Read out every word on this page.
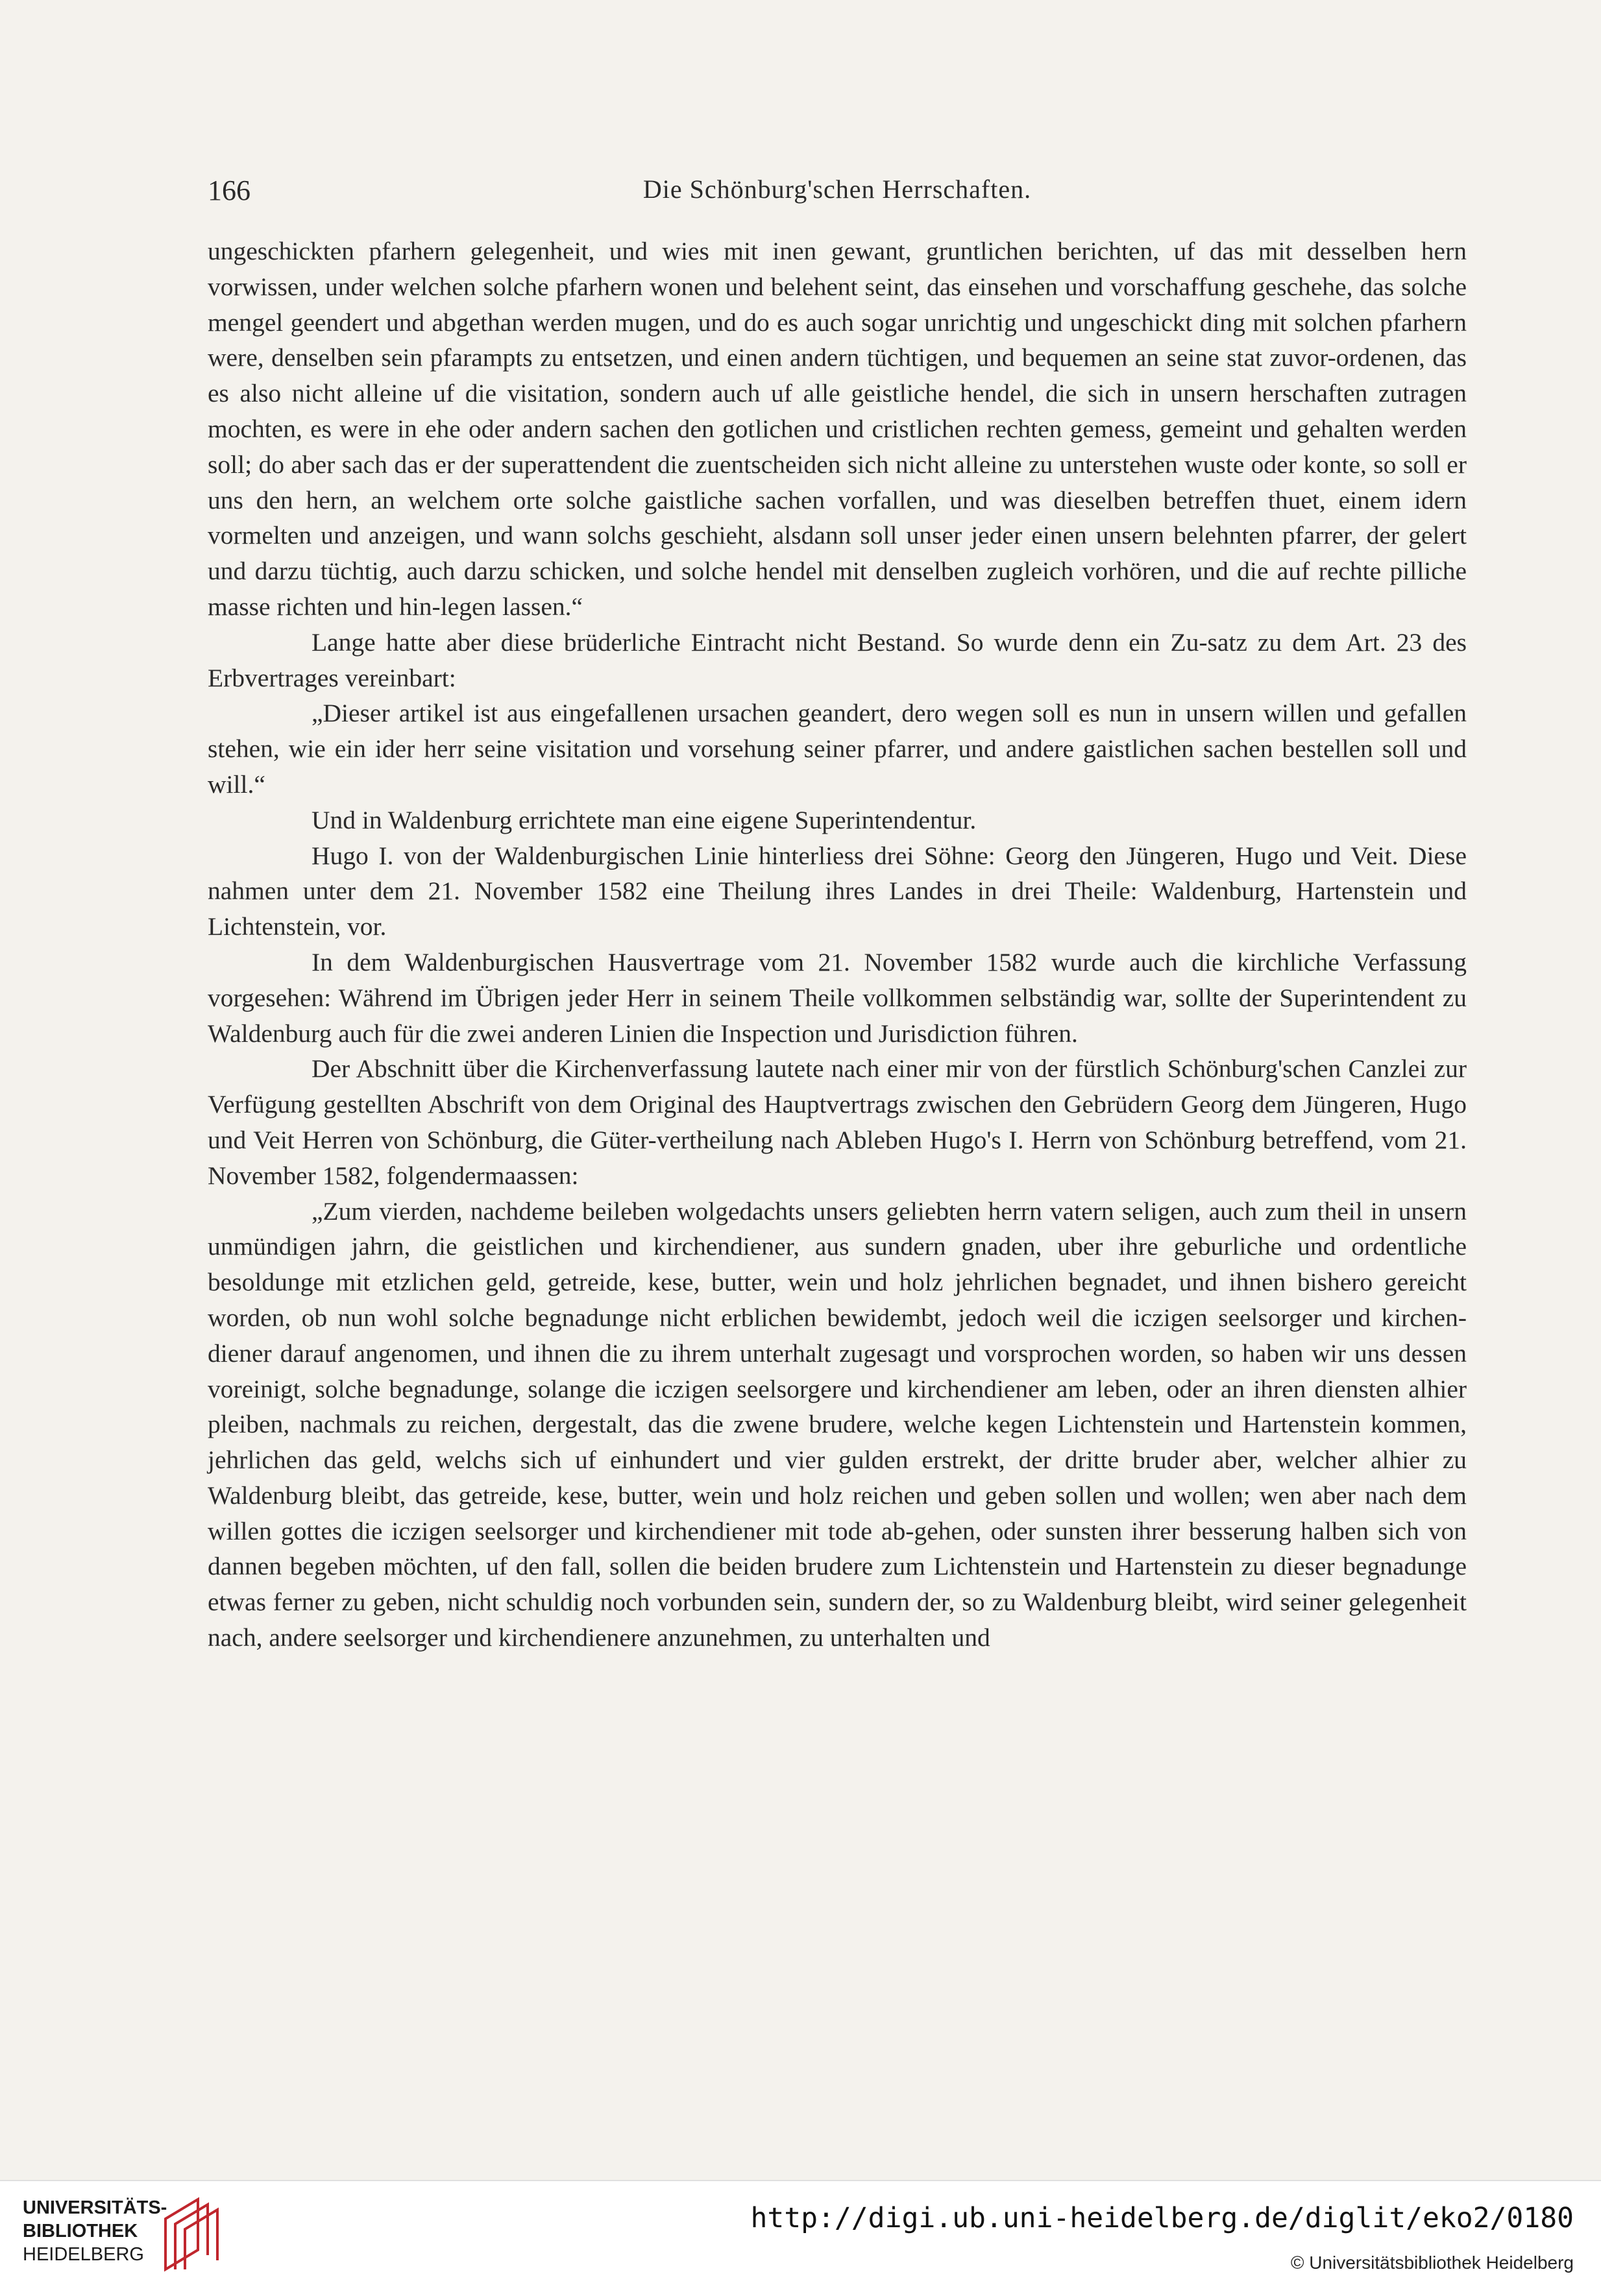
166	Die Schönburg'schen Herrschaften.

ungeschickten pfarhern gelegenheit, und wies mit inen gewant, gruntlichen berichten, uf das mit desselben hern vorwissen, under welchen solche pfarhern wonen und belehent seint, das einsehen und vorschaffung geschehe, das solche mengel geendert und abgethan werden mugen, und do es auch sogar unrichtig und ungeschickt ding mit solchen pfarhern were, denselben sein pfarampts zu entsetzen, und einen andern tüchtigen, und bequemen an seine stat zuvor-ordenen, das es also nicht alleine uf die visitation, sondern auch uf alle geistliche hendel, die sich in unsern herschaften zutragen mochten, es were in ehe oder andern sachen den gotlichen und cristlichen rechten gemess, gemeint und gehalten werden soll; do aber sach das er der superattendent die zuentscheiden sich nicht alleine zu unterstehen wuste oder konte, so soll er uns den hern, an welchem orte solche gaistliche sachen vorfallen, und was dieselben betreffen thuet, einem idern vormelten und anzeigen, und wann solchs geschieht, alsdann soll unser jeder einen unsern belehnten pfarrer, der gelert und darzu tüchtig, auch darzu schicken, und solche hendel mit denselben zugleich vorhören, und die auf rechte pilliche masse richten und hin-legen lassen.“

Lange hatte aber diese brüderliche Eintracht nicht Bestand. So wurde denn ein Zu-satz zu dem Art. 23 des Erbvertrages vereinbart:

„Dieser artikel ist aus eingefallenen ursachen geandert, dero wegen soll es nun in unsern willen und gefallen stehen, wie ein ider herr seine visitation und vorsehung seiner pfarrer, und andere gaistlichen sachen bestellen soll und will.“

Und in Waldenburg errichtete man eine eigene Superintendentur.

Hugo I. von der Waldenburgischen Linie hinterliess drei Söhne: Georg den Jüngeren, Hugo und Veit. Diese nahmen unter dem 21. November 1582 eine Theilung ihres Landes in drei Theile: Waldenburg, Hartenstein und Lichtenstein, vor.

In dem Waldenburgischen Hausvertrage vom 21. November 1582 wurde auch die kirchliche Verfassung vorgesehen: Während im Übrigen jeder Herr in seinem Theile vollkommen selbständig war, sollte der Superintendent zu Waldenburg auch für die zwei anderen Linien die Inspection und Jurisdiction führen.

Der Abschnitt über die Kirchenverfassung lautete nach einer mir von der fürstlich Schönburg'schen Canzlei zur Verfügung gestellten Abschrift von dem Original des Hauptvertrags zwischen den Gebrüdern Georg dem Jüngeren, Hugo und Veit Herren von Schönburg, die Güter-vertheilung nach Ableben Hugo's I. Herrn von Schönburg betreffend, vom 21. November 1582, folgendermaassen:

„Zum vierden, nachdeme beileben wolgedachts unsers geliebten herrn vatern seligen, auch zum theil in unsern unmündigen jahrn, die geistlichen und kirchendiener, aus sundern gnaden, uber ihre geburliche und ordentliche besoldunge mit etzlichen geld, getreide, kese, butter, wein und holz jehrlichen begnadet, und ihnen bishero gereicht worden, ob nun wohl solche begnadunge nicht erblichen bewidembt, jedoch weil die iczigen seelsorger und kirchen-diener darauf angenomen, und ihnen die zu ihrem unterhalt zugesagt und vorsprochen worden, so haben wir uns dessen voreinigt, solche begnadunge, solange die iczigen seelsorgere und kirchendiener am leben, oder an ihren diensten alhier pleiben, nachmals zu reichen, dergestalt, das die zwene brudere, welche kegen Lichtenstein und Hartenstein kommen, jehrlichen das geld, welchs sich uf einhundert und vier gulden erstrekt, der dritte bruder aber, welcher alhier zu Waldenburg bleibt, das getreide, kese, butter, wein und holz reichen und geben sollen und wollen; wen aber nach dem willen gottes die iczigen seelsorger und kirchendiener mit tode ab-gehen, oder sunsten ihrer besserung halben sich von dannen begeben möchten, uf den fall, sollen die beiden brudere zum Lichtenstein und Hartenstein zu dieser begnadunge etwas ferner zu geben, nicht schuldig noch vorbunden sein, sundern der, so zu Waldenburg bleibt, wird seiner gelegenheit nach, andere seelsorger und kirchendienere anzunehmen, zu unterhalten und

UNIVERSITÄTS-
BIBLIOTHEK
HEIDELBERG
http://digi.ub.uni-heidelberg.de/diglit/eko2/0180
© Universitätsbibliothek Heidelberg
